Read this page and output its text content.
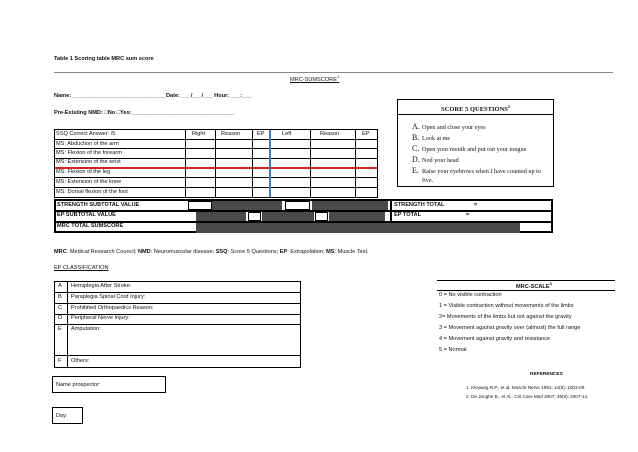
Table 1 Scoring table MRC sum score
MRC-SUMSCORE$^1$
Name: ______________________________Date: ___/___/___ Hour: ___:___
Pre-Existing NMD: □No □Yes:_________________________________	SCORE 5 QUESTIONS$^2$
A. Open and close your eyes
B. Look at me
C. Open your mouth and put out your tongue
D. Nod your head
E. Raise your eyebrows when I have counted up to
five.
SSQ Correct Answer: /5	Right	Reason	EP	Left	Reason	EP
MS: Abduction of the arm
MS: Flexion of the forearm
MS: Extension of the wrist
MS: Flexion of the leg
MS: Extension of the knee
MS: Dorsal flexion of the foot
STRENGTH SUBTOTAL VALUE
EP SUBTOTAL VALUE
MRC TOTAL SUMSCORE
STRENGTH TOTAL	=
EP TOTAL	=
MRC: Medical Research Council; NMD: Neuromuscular disease; SSQ: Score 5 Questions; EP: Extrapolation; MS: Muscle Test.
EP CLASSIFICATION
A Hemiplegia After Stroke:
B Paraplegia Spinal Cord Injury:
C Prohibited Orthopaedics Reason:
D Peripheral Nerve Injury:
E Amputation:
F Others:
MRC-SCALE$^3$
0 = No visible contraction
1 = Visible contraction without movements of the limbs
2= Movements of the limbs but not against the gravity
3 = Movement against gravity over (almost) the full range
4 = Movement against gravity and resistance
5 = Normal
REFERENCES
1. Kleyweg R.P., et al. Muscle Nerve 1991; 14(8): 1003-09.
2. De Jonghe B., et Al.. Crit Care Med 2007; 35(9): 2007-14.
Name prospector:
Day:
